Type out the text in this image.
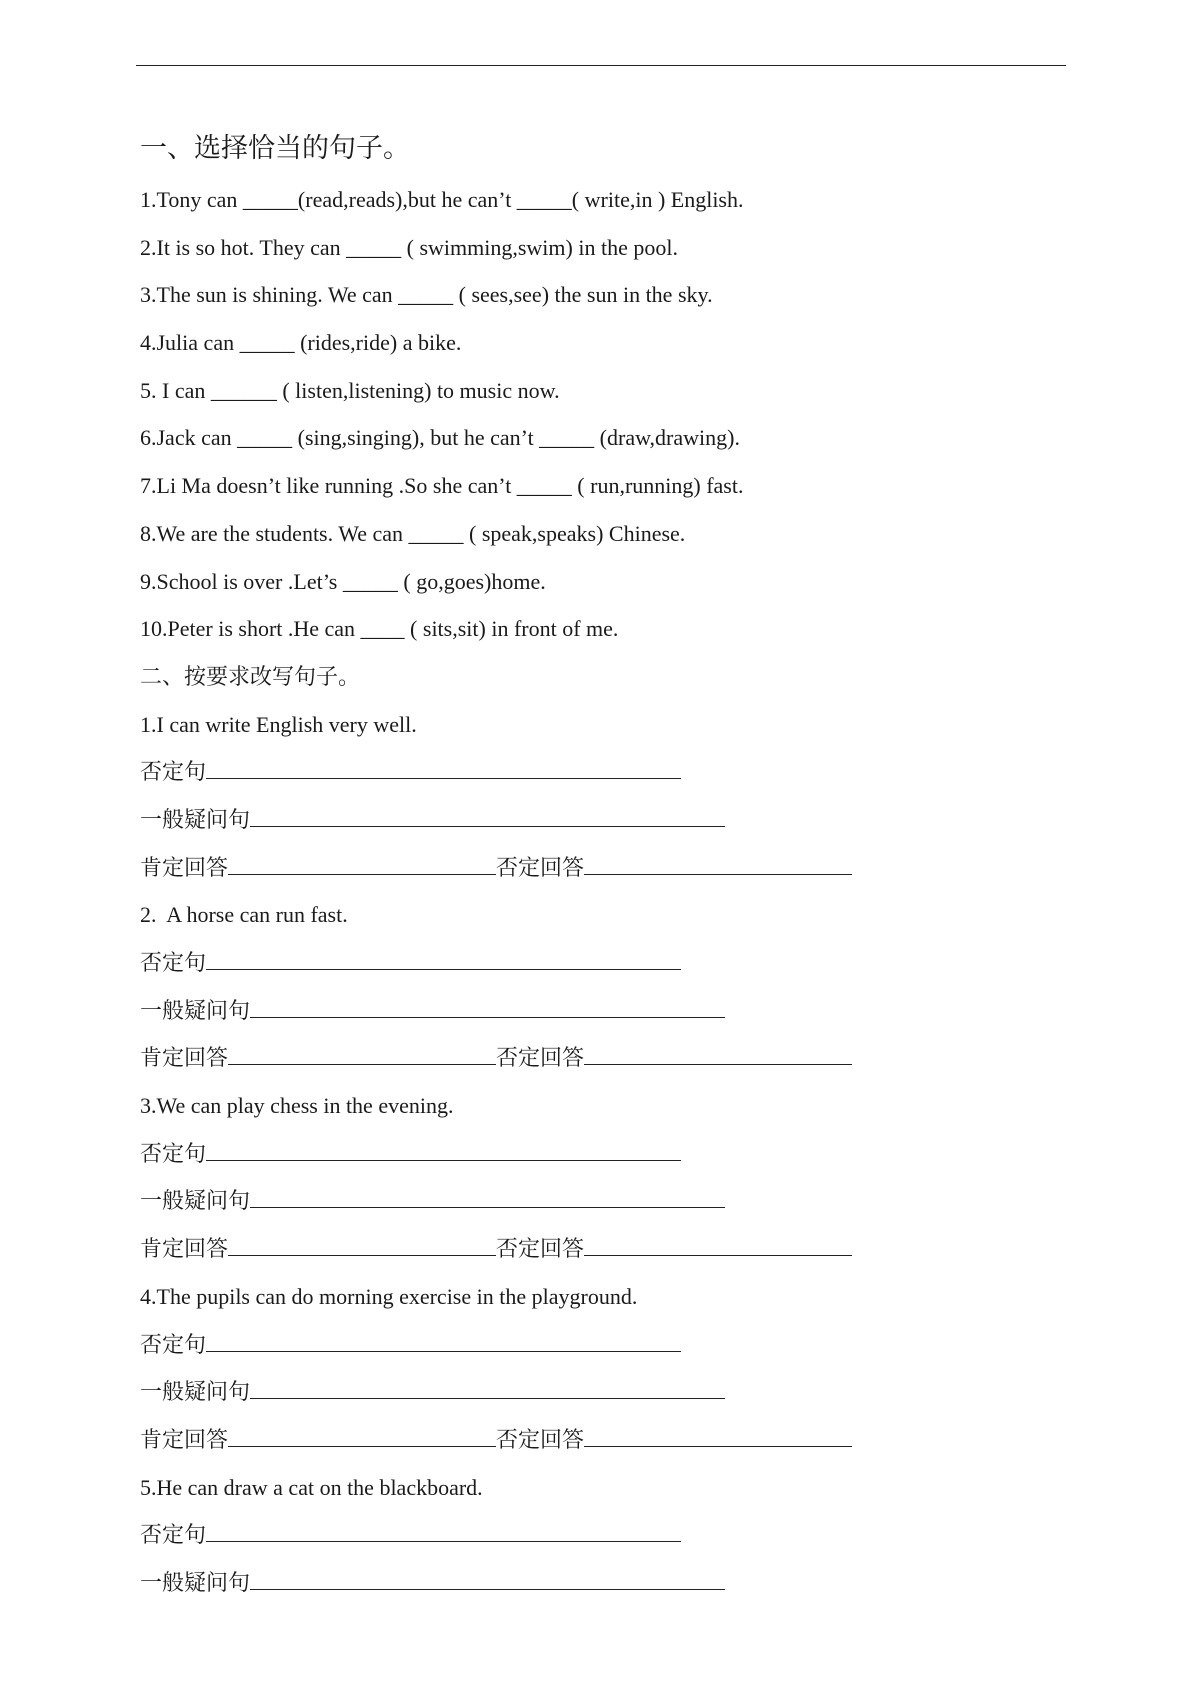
一、选择恰当的句子。
1.Tony can _____(read,reads),but he can’t _____( write,in ) English.
2.It is so hot. They can _____ ( swimming,swim) in the pool.
3.The sun is shining. We can _____ ( sees,see) the sun in the sky.
4.Julia can _____ (rides,ride) a bike.
5. I can ______ ( listen,listening) to music now.
6.Jack can _____ (sing,singing), but he can’t _____ (draw,drawing).
7.Li Ma doesn’t like running .So she can’t _____ ( run,running) fast.
8.We are the students. We can _____ ( speak,speaks) Chinese.
9.School is over .Let’s _____ ( go,goes)home.
10.Peter is short .He can ____ ( sits,sit) in front of me.
二、按要求改写句子。
1.I can write English very well.
否定句
一般疑问句
肯定回答	否定回答
2.  A horse can run fast.
否定句
一般疑问句
肯定回答	否定回答
3.We can play chess in the evening.
否定句
一般疑问句
肯定回答	否定回答
4.The pupils can do morning exercise in the playground.
否定句
一般疑问句
肯定回答	否定回答
5.He can draw a cat on the blackboard.
否定句
一般疑问句
